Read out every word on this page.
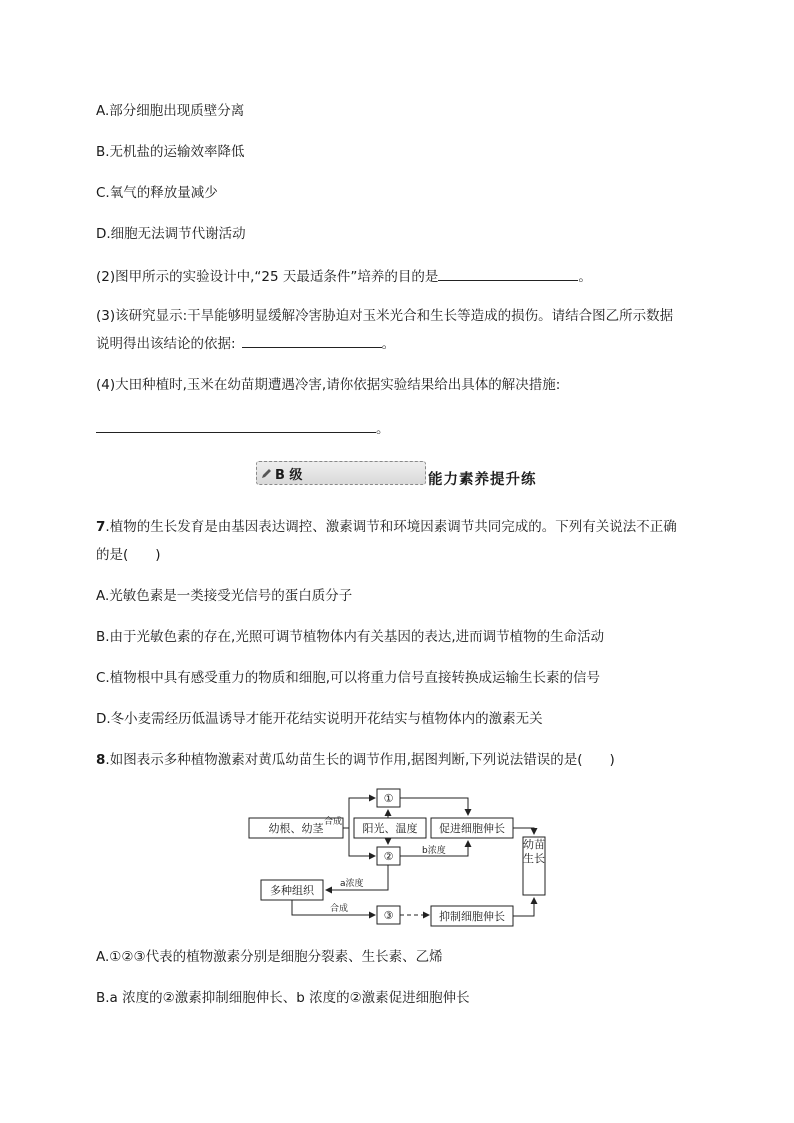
A.部分细胞出现质壁分离
B.无机盐的运输效率降低
C.氧气的释放量减少
D.细胞无法调节代谢活动
(2)图甲所示的实验设计中,“25 天最适条件”培养的目的是	。
(3)该研究显示:干旱能够明显缓解冷害胁迫对玉米光合和生长等造成的损伤。请结合图乙所示数据
说明得出该结论的依据:	。
(4)大田种植时,玉米在幼苗期遭遇冷害,请你依据实验结果给出具体的解决措施:
。
B 级	能力素养提升练
7.植物的生长发育是由基因表达调控、激素调节和环境因素调节共同完成的。下列有关说法不正确
的是(　　)
A.光敏色素是一类接受光信号的蛋白质分子
B.由于光敏色素的存在,光照可调节植物体内有关基因的表达,进而调节植物的生命活动
C.植物根中具有感受重力的物质和细胞,可以将重力信号直接转换成运输生长素的信号
D.冬小麦需经历低温诱导才能开花结实说明开花结实与植物体内的激素无关
8.如图表示多种植物激素对黄瓜幼苗生长的调节作用,据图判断,下列说法错误的是(　　)
幼根、幼茎 合成
①
阳光、温度 促进细胞伸长
②	b浓度
a浓度
多种组织
合成	③	抑制细胞伸长
幼苗生长
A.①②③代表的植物激素分别是细胞分裂素、生长素、乙烯
B.a 浓度的②激素抑制细胞伸长、b 浓度的②激素促进细胞伸长
